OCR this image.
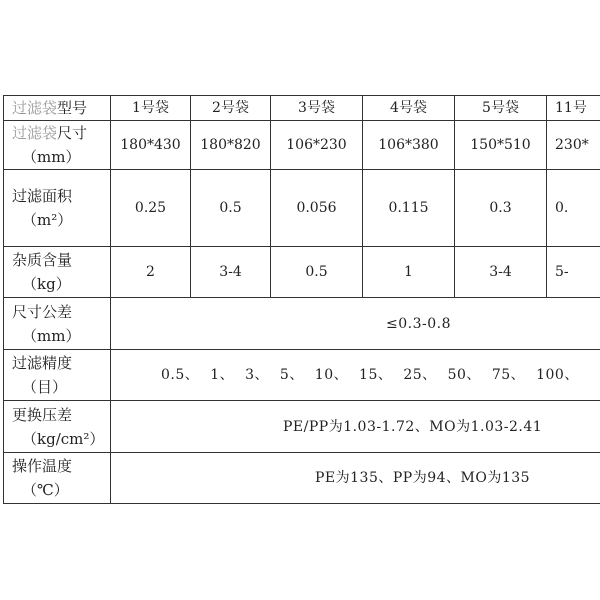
过滤袋型号	1号袋	2号袋	3号袋	4号袋	5号袋	11号
过滤袋尺寸
（mm）	180*430	180*820	106*230	106*380	150*510	230*
过滤面积
（m²）	0.25	0.5	0.056	0.115	0.3	0.
杂质含量
（kg）	2	3-4	0.5	1	3-4	5-
尺寸公差
（mm）	≤0.3-0.8					
过滤精度
（目）	0.5、 1、 3、 5、 10、 15、 25、 50、 75、 100、					
更换压差
（kg/cm²）	PE/PP为1.03-1.72、MO为1.03-2.41					
操作温度
（℃）	PE为135、PP为94、MO为135					
